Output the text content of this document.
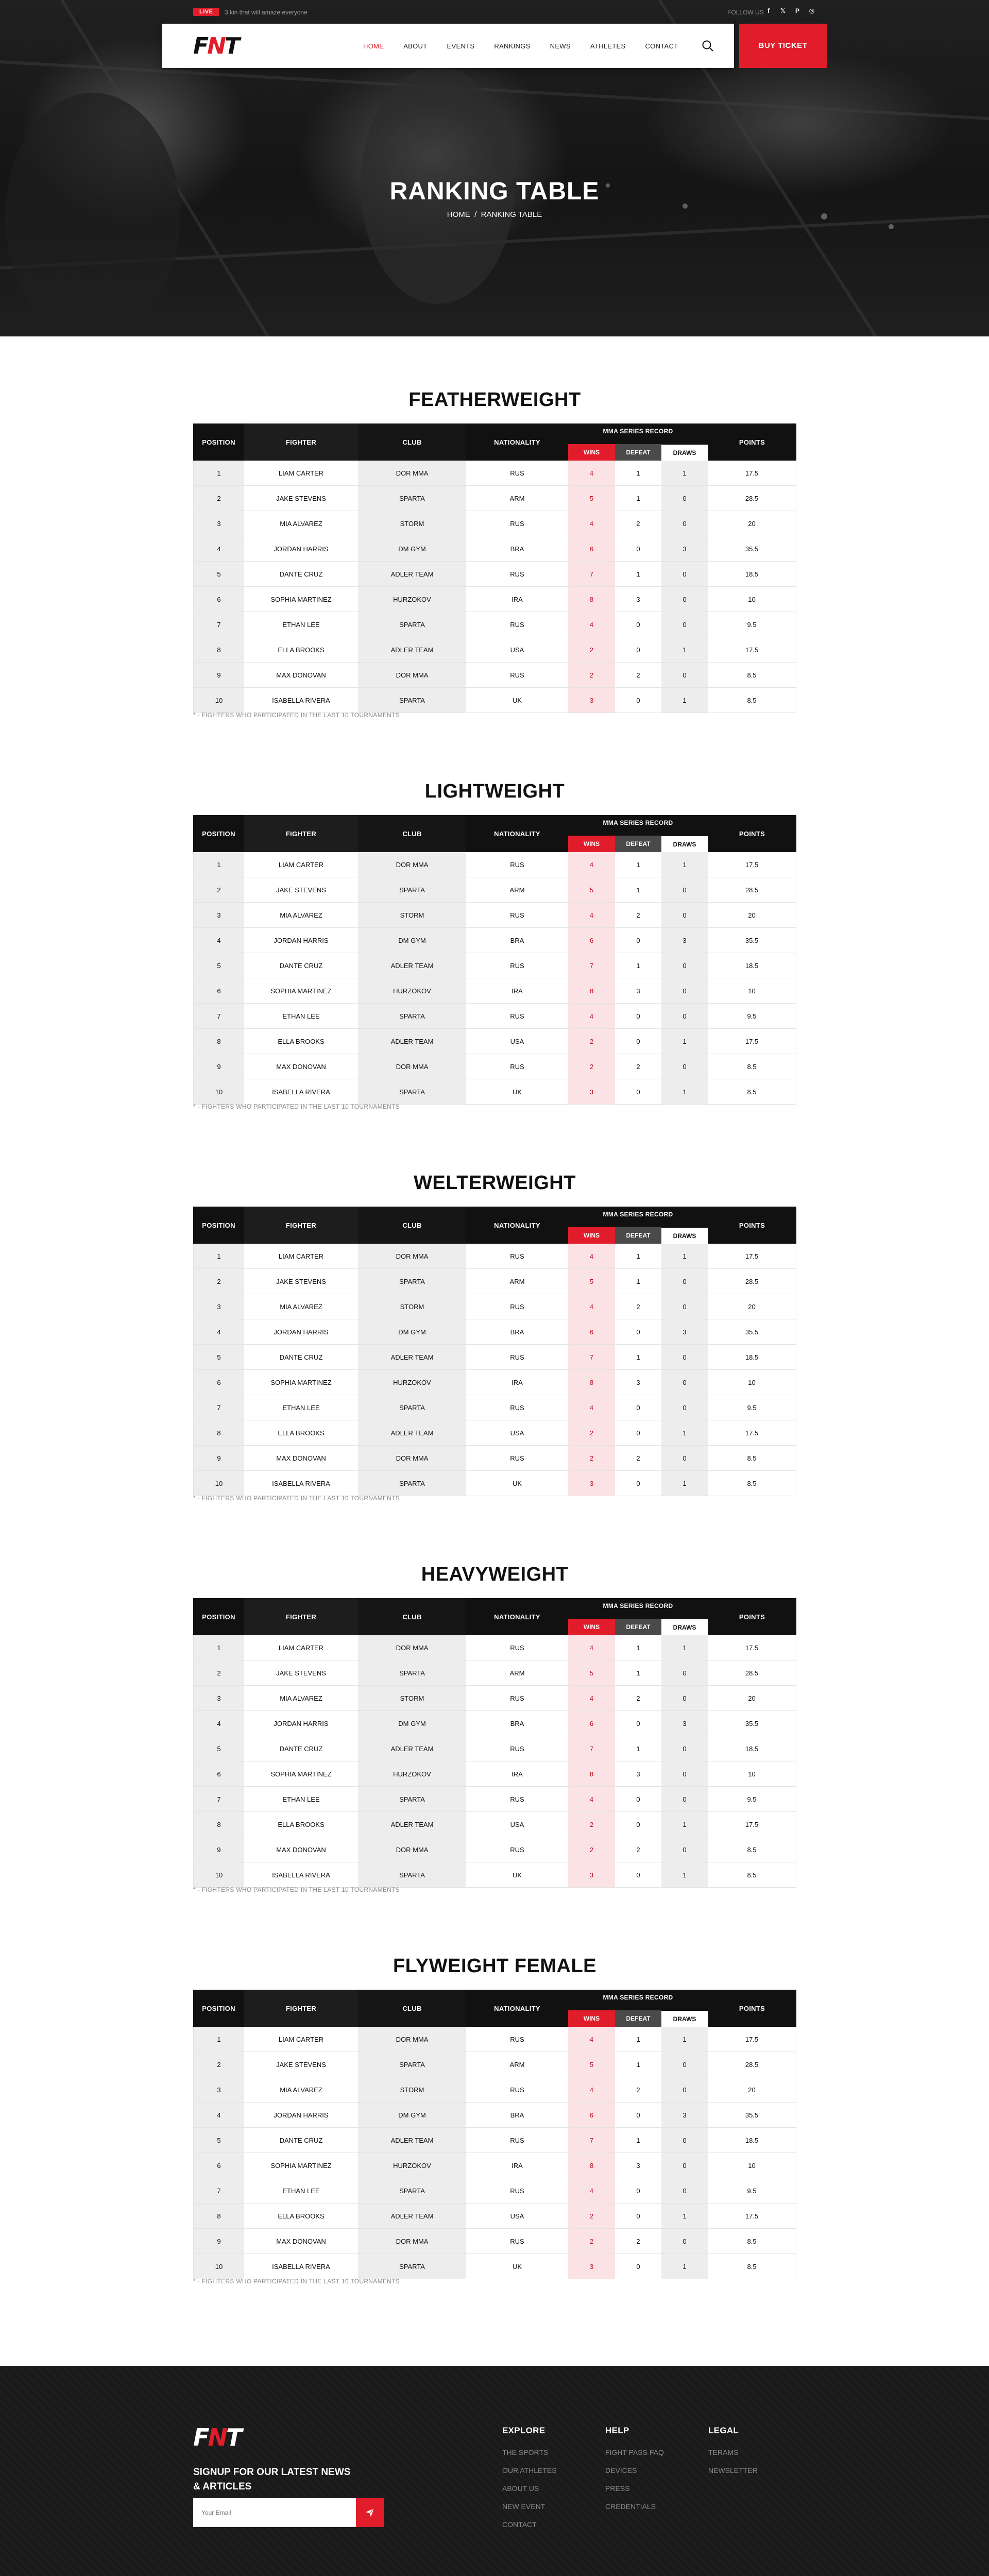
LIVE	3 kin that will amaze everyone	FOLLOW US f	𝕏	P	◎
FNT	HOME	ABOUT	EVENTS	RANKINGS	NEWS	ATHLETES	CONTACT	BUY TICKET
RANKING TABLE
HOME / RANKING TABLE
FEATHERWEIGHT
POSITION	FIGHTER	CLUB	NATIONALITY	POINTS
MMA SERIES RECORD
WINS	DEFEAT	DRAWS
1	LIAM CARTER	DOR MMA	RUS	4	1	1	17.5
2	JAKE STEVENS	SPARTA	ARM	5	1	0	28.5
3	MIA ALVAREZ	STORM	RUS	4	2	0	20
4	JORDAN HARRIS	DM GYM	BRA	6	0	3	35.5
5	DANTE CRUZ	ADLER TEAM	RUS	7	1	0	18.5
6	SOPHIA MARTINEZ	HURZOKOV	IRA	8	3	0	10
7	ETHAN LEE	SPARTA	RUS	4	0	0	9.5
8	ELLA BROOKS	ADLER TEAM	USA	2	0	1	17.5
9	MAX DONOVAN	DOR MMA	RUS	2	2	0	8.5
10	ISABELLA RIVERA	SPARTA	UK	3	0	1	8.5
* - FIGHTERS WHO PARTICIPATED IN THE LAST 10 TOURNAMENTS
LIGHTWEIGHT
POSITION	FIGHTER	CLUB	NATIONALITY	POINTS
MMA SERIES RECORD
WINS	DEFEAT	DRAWS
1	LIAM CARTER	DOR MMA	RUS	4	1	1	17.5
2	JAKE STEVENS	SPARTA	ARM	5	1	0	28.5
3	MIA ALVAREZ	STORM	RUS	4	2	0	20
4	JORDAN HARRIS	DM GYM	BRA	6	0	3	35.5
5	DANTE CRUZ	ADLER TEAM	RUS	7	1	0	18.5
6	SOPHIA MARTINEZ	HURZOKOV	IRA	8	3	0	10
7	ETHAN LEE	SPARTA	RUS	4	0	0	9.5
8	ELLA BROOKS	ADLER TEAM	USA	2	0	1	17.5
9	MAX DONOVAN	DOR MMA	RUS	2	2	0	8.5
10	ISABELLA RIVERA	SPARTA	UK	3	0	1	8.5
* - FIGHTERS WHO PARTICIPATED IN THE LAST 10 TOURNAMENTS
WELTERWEIGHT
POSITION	FIGHTER	CLUB	NATIONALITY	POINTS
MMA SERIES RECORD
WINS	DEFEAT	DRAWS
1	LIAM CARTER	DOR MMA	RUS	4	1	1	17.5
2	JAKE STEVENS	SPARTA	ARM	5	1	0	28.5
3	MIA ALVAREZ	STORM	RUS	4	2	0	20
4	JORDAN HARRIS	DM GYM	BRA	6	0	3	35.5
5	DANTE CRUZ	ADLER TEAM	RUS	7	1	0	18.5
6	SOPHIA MARTINEZ	HURZOKOV	IRA	8	3	0	10
7	ETHAN LEE	SPARTA	RUS	4	0	0	9.5
8	ELLA BROOKS	ADLER TEAM	USA	2	0	1	17.5
9	MAX DONOVAN	DOR MMA	RUS	2	2	0	8.5
10	ISABELLA RIVERA	SPARTA	UK	3	0	1	8.5
* - FIGHTERS WHO PARTICIPATED IN THE LAST 10 TOURNAMENTS
HEAVYWEIGHT
POSITION	FIGHTER	CLUB	NATIONALITY	POINTS
MMA SERIES RECORD
WINS	DEFEAT	DRAWS
1	LIAM CARTER	DOR MMA	RUS	4	1	1	17.5
2	JAKE STEVENS	SPARTA	ARM	5	1	0	28.5
3	MIA ALVAREZ	STORM	RUS	4	2	0	20
4	JORDAN HARRIS	DM GYM	BRA	6	0	3	35.5
5	DANTE CRUZ	ADLER TEAM	RUS	7	1	0	18.5
6	SOPHIA MARTINEZ	HURZOKOV	IRA	8	3	0	10
7	ETHAN LEE	SPARTA	RUS	4	0	0	9.5
8	ELLA BROOKS	ADLER TEAM	USA	2	0	1	17.5
9	MAX DONOVAN	DOR MMA	RUS	2	2	0	8.5
10	ISABELLA RIVERA	SPARTA	UK	3	0	1	8.5
* - FIGHTERS WHO PARTICIPATED IN THE LAST 10 TOURNAMENTS
FLYWEIGHT FEMALE
POSITION	FIGHTER	CLUB	NATIONALITY	POINTS
MMA SERIES RECORD
WINS	DEFEAT	DRAWS
1	LIAM CARTER	DOR MMA	RUS	4	1	1	17.5
2	JAKE STEVENS	SPARTA	ARM	5	1	0	28.5
3	MIA ALVAREZ	STORM	RUS	4	2	0	20
4	JORDAN HARRIS	DM GYM	BRA	6	0	3	35.5
5	DANTE CRUZ	ADLER TEAM	RUS	7	1	0	18.5
6	SOPHIA MARTINEZ	HURZOKOV	IRA	8	3	0	10
7	ETHAN LEE	SPARTA	RUS	4	0	0	9.5
8	ELLA BROOKS	ADLER TEAM	USA	2	0	1	17.5
9	MAX DONOVAN	DOR MMA	RUS	2	2	0	8.5
10	ISABELLA RIVERA	SPARTA	UK	3	0	1	8.5
* - FIGHTERS WHO PARTICIPATED IN THE LAST 10 TOURNAMENTS
FNT
SIGNUP FOR OUR LATEST NEWS & ARTICLES
Your Email
EXPLORE
THE SPORTS
OUR ATHLETES
ABOUT US
NEW EVENT
CONTACT
HELP
FIGHT PASS FAQ
DEVICES
PRESS
CREDENTIALS
LEGAL
TERAMS
NEWSLETTER
